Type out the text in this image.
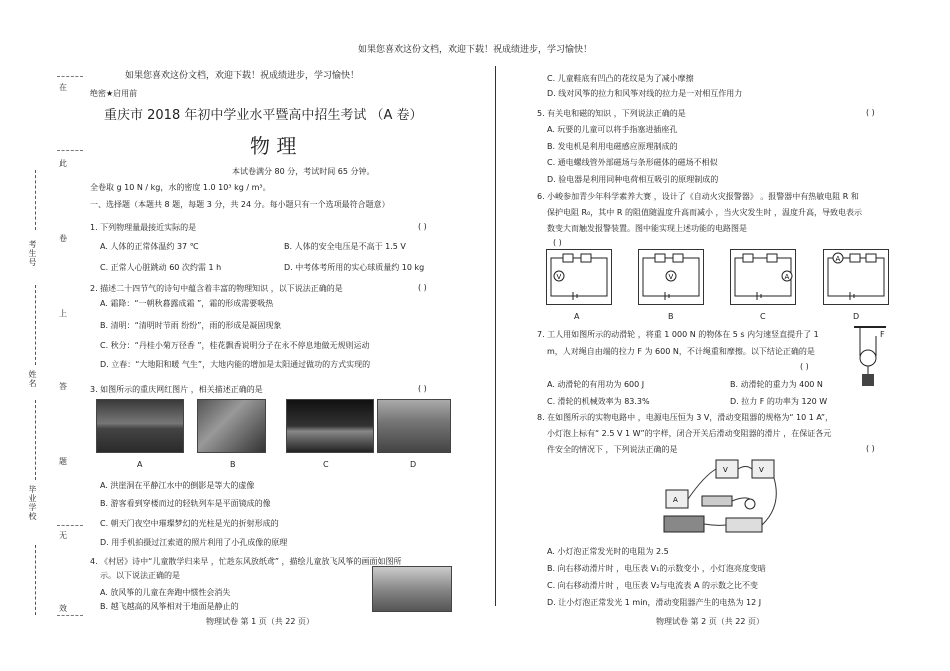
如果您喜欢这份文档，欢迎下载！祝成绩进步，学习愉快！
在
此
卷
上
答
题
无
效
考生号
姓名
毕业学校
如果您喜欢这份文档，欢迎下载！祝成绩进步，学习愉快！
绝密★启用前
重庆市 2018 年初中学业水平暨高中招生考试 （A 卷）
物 理
本试卷满分 80 分，考试时间 65 分钟。
全卷取 g 10 N / kg，水的密度 1.0 10³ kg / m³。
一、选择题（本题共 8 题，每题 3 分，共 24 分。每小题只有一个选项最符合题意）
1. 下列物理量最接近实际的是	( )
A. 人体的正常体温约 37 ℃	B. 人体的安全电压是不高于 1.5 V
C. 正常人心脏跳动 60 次约需 1 h	D. 中考体考所用的实心球质量约 10 kg
2. 描述二十四节气的诗句中蕴含着丰富的物理知识 ，以下说法正确的是	( )
A. 霜降：“一朝秋暮露成霜 ”，霜的形成需要吸热
B. 清明：“清明时节雨 纷纷”，雨的形成是凝固现象
C. 秋分：“丹桂小菊万径香 ”，桂花飘香说明分子在永不停息地做无规则运动
D. 立春：“大地阳和暖 气生”，大地内能的增加是太阳通过做功的方式实现的
3. 如图所示的重庆网红图片 ，相关描述正确的是	( )
A	B	C	D
A. 洪崖洞在平静江水中的倒影是等大的虚像
B. 游客看到穿楼而过的轻轨列车是平面镜成的像
C. 朝天门夜空中璀璨梦幻的光柱是光的折射形成的
D. 用手机拍摄过江索道的照片利用了小孔成像的原理
4. 《村居》诗中“儿童散学归来早 ，忙趁东风放纸鸢” ，描绘儿童放飞风筝的画面如图所
示。以下说法正确的是
A. 放风筝的儿童在奔跑中惯性会消失
B. 越飞越高的风筝相对于地面是静止的
C. 儿童鞋底有凹凸的花纹是为了减小摩擦
D. 线对风筝的拉力和风筝对线的拉力是一对相互作用力
5. 有关电和磁的知识 ，下列说法正确的是	( )
A. 玩要的儿童可以将手指塞进插座孔
B. 发电机是利用电磁感应原理制成的
C. 通电螺线管外部磁场与条形磁体的磁场不相似
D. 验电器是利用同种电荷相互吸引的原理制成的
6. 小峻参加青少年科学素养大赛 ，设计了《自动火灾报警器》 。报警器中有热敏电阻 R 和
保护电阻 R₀，其中 R 的阻值随温度升高而减小 ，当火灾发生时 ，温度升高，导致电表示
数变大而触发报警装置。图中能实现上述功能的电路图是
( )
V	V	A
A
A	B	C	D
7. 工人用如图所示的动滑轮 ，将重 1 000 N 的物体在 5 s 内匀速竖直提升了 1
m，人对绳自由端的拉力 F 为 600 N，不计绳重和摩擦。以下结论正确的是
( )
F
A. 动滑轮的有用功为 600 J	B. 动滑轮的重力为 400 N
C. 滑轮的机械效率为 83.3%	D. 拉力 F 的功率为 120 W
8. 在如图所示的实物电路中 ，电源电压恒为 3 V，滑动变阻器的规格为“ 10 1 A”，
小灯泡上标有“ 2.5 V 1 W”的字样，闭合开关后滑动变阻器的滑片 ，在保证各元
件安全的情况下 ，下列说法正确的是	( )
V	V
A
A. 小灯泡正常发光时的电阻为 2.5
B. 向右移动滑片时 ，电压表 V₁的示数变小 ，小灯泡亮度变暗
C. 向右移动滑片时 ，电压表 V₂与电流表 A 的示数之比不变
D. 让小灯泡正常发光 1 min，滑动变阻器产生的电热为 12 J
物理试卷 第 1 页（共 22 页）	物理试卷 第 2 页（共 22 页）
